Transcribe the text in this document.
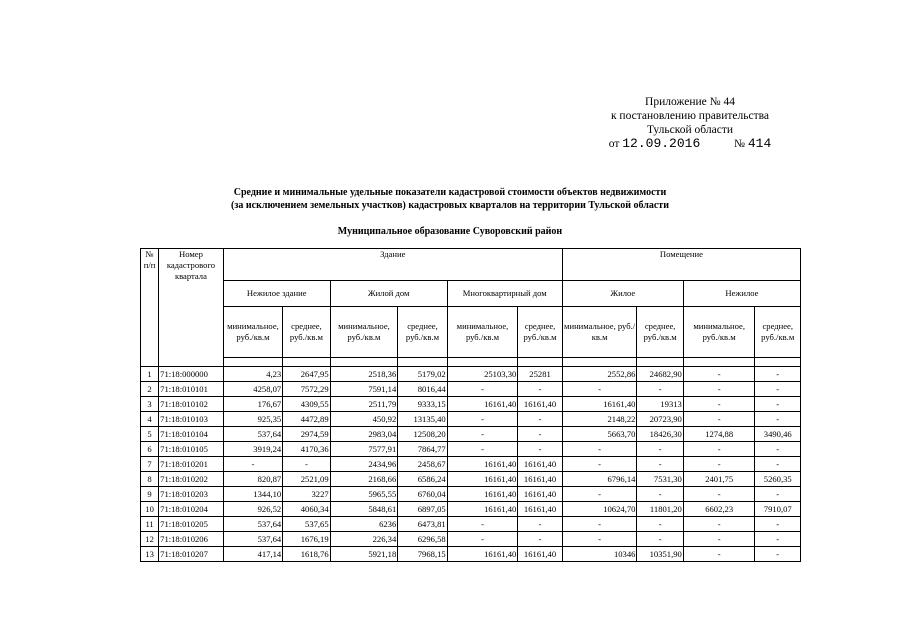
Приложение № 44
к постановлению правительства
Тульской области
от 12.09.2016	№ 414
Средние и минимальные удельные показатели кадастровой стоимости объектов недвижимости
(за исключением земельных участков) кадастровых кварталов на территории Тульской области
Муниципальное образование Суворовский район
№ п/п	Номер кадастрового квартала	Здание						Помещение			
		Нежилое здание		Жилой дом		Многоквартирный дом		Жилое		Нежилое	
		минимальное, руб./кв.м	среднее, руб./кв.м	минимальное, руб./кв.м	среднее, руб./кв.м	минимальное, руб./кв.м	среднее, руб./кв.м	минимальное, руб./кв.м	среднее, руб./кв.м	минимальное, руб./кв.м	среднее, руб./кв.м

1	71:18:000000	4,23	2647,95	2518,36	5179,02	25103,30	25281	2552,86	24682,90	-	-
2	71:18:010101	4258,07	7572,29	7591,14	8016,44	-	-	-	-	-	-
3	71:18:010102	176,67	4309,55	2511,79	9333,15	16161,40	16161,40	16161,40	19313	-	-
4	71:18:010103	925,35	4472,89	450,92	13135,40	-	-	2148,22	20723,90	-	-
5	71:18:010104	537,64	2974,59	2983,04	12508,20	-	-	5663,70	18426,30	1274,88	3490,46
6	71:18:010105	3919,24	4170,36	7577,91	7864,77	-	-	-	-	-	-
7	71:18:010201	-	-	2434,96	2458,67	16161,40	16161,40	-	-	-	-
8	71:18:010202	820,87	2521,09	2168,66	6586,24	16161,40	16161,40	6796,14	7531,30	2401,75	5260,35
9	71:18:010203	1344,10	3227	5965,55	6760,04	16161,40	16161,40	-	-	-	-
10	71:18:010204	926,52	4060,34	5848,61	6897,05	16161,40	16161,40	10624,70	11801,20	6602,23	7910,07
11	71:18:010205	537,64	537,65	6236	6473,81	-	-	-	-	-	-
12	71:18:010206	537,64	1676,19	226,34	6296,58	-	-	-	-	-	-
13	71:18:010207	417,14	1618,76	5921,18	7968,15	16161,40	16161,40	10346	10351,90	-	-
